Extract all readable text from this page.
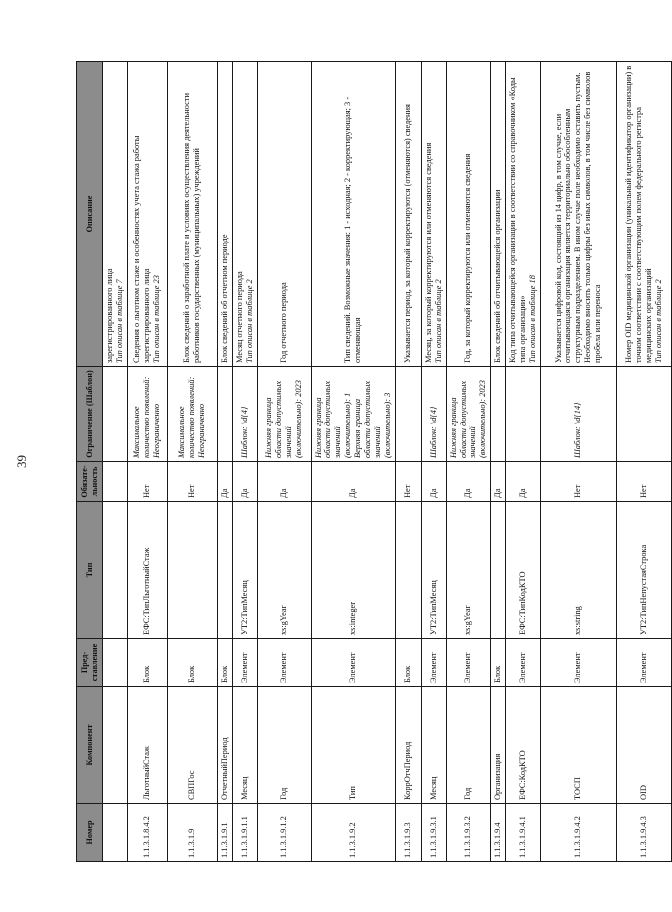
39
Номер	Компонент	Пред-ставление	Тип	Обязате-льность	Ограничение (Шаблон)	Описание

						зарегистрированного лица Тип описан в таблице 7

1.1.3.1.8.4.2	ЛьготныйСтаж	Блок	ЕФС:ТипЛьготныйСтаж	Нет	Максимальное количество появлений: Неограниченно	Сведения о льготном стаже и особенностях учета стажа работы зарегистрированного лица Тип описан в таблице 23

1.1.3.1.9	СВПГос	Блок		Нет	Максимальное количество появлений: Неограниченно	Блок сведений о заработной плате и условиях осуществления деятельности работников государственных (муниципальных) учреждений

1.1.3.1.9.1	ОтчетныйПериод	Блок		Да		Блок сведений об отчетном периоде

1.1.3.1.9.1.1	Месяц	Элемент	УТ2:ТипМесяц	Да	Шаблон: \d{4}	Месяц отчетного периода Тип описан в таблице 2

1.1.3.1.9.1.2	Год	Элемент	xs:gYear	Да	Нижняя граница области допустимых значений (включительно): 2023	Год отчетного периода

1.1.3.1.9.2	Тип	Элемент	xs:integer	Да	Нижняя граница области допустимых значений (включительно): 1 Верхняя граница области допустимых значений (включительно): 3	Тип сведений. Возможные значения: 1 - исходная; 2 - корректирующая; 3 - отменяющая

1.1.3.1.9.3	КоррОтчПериод	Блок		Нет		Указывается период, за который корректируются (отменяются) сведения

1.1.3.1.9.3.1	Месяц	Элемент	УТ2:ТипМесяц	Да	Шаблон: \d{4}	Месяц, за который корректируются или отменяются сведения Тип описан в таблице 2

1.1.3.1.9.3.2	Год	Элемент	xs:gYear	Да	Нижняя граница области допустимых значений (включительно): 2023	Год, за который корректируются или отменяются сведения

1.1.3.1.9.4	Организация	Блок		Да		Блок сведений об отчитывающейся организации

1.1.3.1.9.4.1	ЕФС:КодКТО	Элемент	ЕФС:ТипКодКТО	Да		Код типа отчитывающейся организации в соответствии со справочником «Коды типа организации» Тип описан в таблице 18

1.1.3.1.9.4.2	ТОСП	Элемент	xs:string	Нет	Шаблон: \d{14}	Указывается цифровой код, состоящий из 14 цифр, в том случае, если отчитывающаяся организация является территориально обособленным структурным подразделением. В ином случае поле необходимо оставить пустым. Необходимо вносить только цифры без иных символов, в том числе без символов пробела или переноса

1.1.3.1.9.4.3	OID	Элемент	УТ2:ТипНепустаяСтрока	Нет		Номер OID медицинской организации (уникальный идентификатор организации) в точном соответствии с соответствующим полем федерального регистра медицинских организаций Тип описан в таблице 2
